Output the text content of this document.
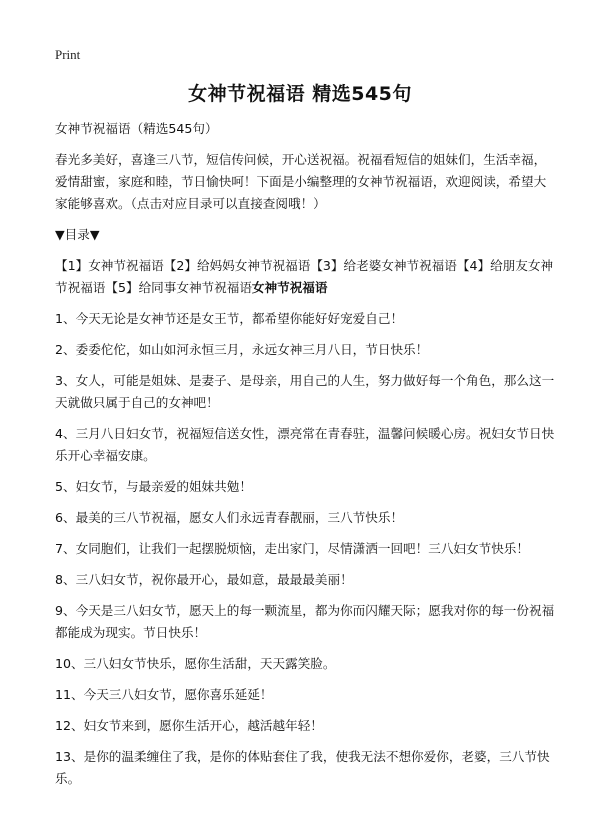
Print
女神节祝福语 精选545句

女神节祝福语（精选545句）

春光多美好，喜逢三八节，短信传问候，开心送祝福。祝福看短信的姐妹们，生活幸福，爱情甜蜜，家庭和睦，节日愉快呵！下面是小编整理的女神节祝福语，欢迎阅读，希望大家能够喜欢。（点击对应目录可以直接查阅哦！）

▼目录▼

【1】女神节祝福语【2】给妈妈女神节祝福语【3】给老婆女神节祝福语【4】给朋友女神节祝福语【5】给同事女神节祝福语女神节祝福语

1、今天无论是女神节还是女王节，都希望你能好好宠爱自己！

2、委委佗佗，如山如河永恒三月，永远女神三月八日，节日快乐！

3、女人，可能是姐妹、是妻子、是母亲，用自己的人生，努力做好每一个角色，那么这一天就做只属于自己的女神吧！

4、三月八日妇女节，祝福短信送女性，漂亮常在青春驻，温馨问候暖心房。祝妇女节日快乐开心幸福安康。

5、妇女节，与最亲爱的姐妹共勉！

6、最美的三八节祝福，愿女人们永远青春靓丽，三八节快乐！

7、女同胞们，让我们一起摆脱烦恼，走出家门，尽情潇洒一回吧！三八妇女节快乐！

8、三八妇女节，祝你最开心，最如意，最最最美丽！

9、今天是三八妇女节，愿天上的每一颗流星，都为你而闪耀天际；愿我对你的每一份祝福都能成为现实。节日快乐！

10、三八妇女节快乐，愿你生活甜，天天露笑脸。

11、今天三八妇女节，愿你喜乐延延！

12、妇女节来到，愿你生活开心，越活越年轻！

13、是你的温柔缠住了我，是你的体贴套住了我，使我无法不想你爱你，老婆，三八节快乐。
